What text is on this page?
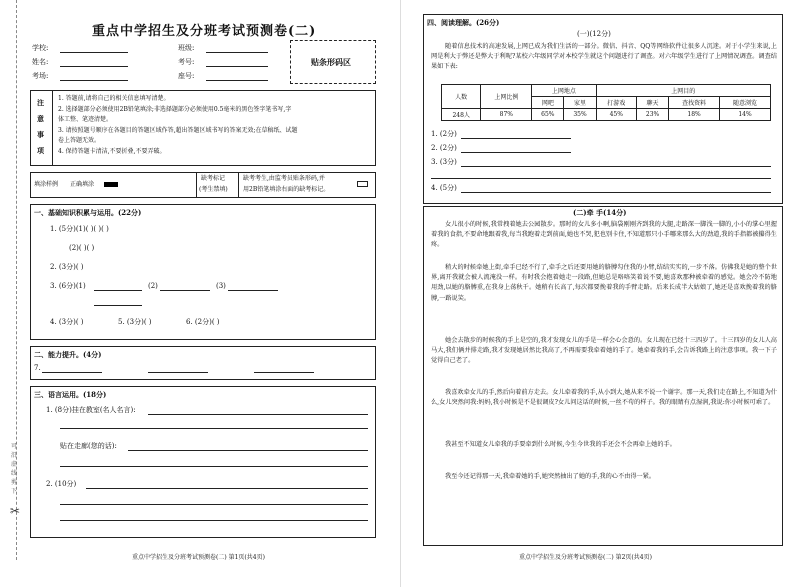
重点中学招生及分班考试预测卷(二)
学校:	班级:
姓名:	考号:
考场:	座号:
贴条形码区
注
意
事
项
1. 答题前,请将自己的相关信息填写清楚。
2. 选择题部分必须使用2B铅笔填涂;非选择题部分必须使用0.5毫米的黑色签字笔书写,字
体工整、笔迹清楚。
3. 请按照题号顺序在各题目的答题区域作答,超出答题区域书写的答案无效;在草稿纸、试题
卷上答题无效。
4. 保持答题卡清洁,不要折叠,不要弄破。
填涂样例 正确填涂
缺考标记
(考生禁填)
缺考考生,由监考员贴条形码,并
用2B铅笔填涂右面的缺考标记。
一、基础知识积累与运用。(22分)
1. (5分)(1)( )( )( )
(2)( )( )
2. (3分)( )
3. (6分)(1)	(2)	(3)
4. (3分)( )	5. (3分)( )	6. (2分)( )
二、能力提升。(4分)
7.
三、语言运用。(18分)
1. (8分)挂在教室(名人名言):
贴在走廊(您的话):
2. (10分)
可 沿 虚 线 剪 下
✂
重点中学招生及分班考试预测卷(二) 第1页(共4页)
四、阅读理解。(26分)
(一)(12分)
随着信息技术的高速发展,上网已成为我们生活的一部分。微信、抖音、QQ等网络软件让很多人沉迷。对于小学生来说,上网是利大于弊还是弊大于利呢?某校六年级同学对本校学生就这个问题进行了调查。对六年级学生进行了上网情况调查。调查结果如下表:
人数	上网比例	上网地点		上网目的			
		网吧	家里	打游戏	聊天	查找资料	随意浏览
248人	87%	65%	35%	45%	23%	18%	14%
1. (2分)
2. (2分)
3. (3分)
4. (5分)
(二)牵 手(14分)
女儿很小的时候,我常拽着她去公园散步。那时的女儿多小啊,脑袋刚刚齐到我的大腿,走路深一脚浅一脚的,小小的掌心里握着我的食指,不要命地跟着我,每当我跑着走到前面,她也不哭,犯也别卡住,不知道那只小手哪来那么大的劲道,我的手指都被攥得生疼。
稍大的时候牵她上街,牵手已经不行了,牵手之后还要用她的胳膊勾住我的小臂,结结实实的,一步不落。仿佛我是她的整个世界,离开我就会被人流淹没一样。有时我会抱着她走一段路,但她总是咯咯笑着说不要,她喜欢那种被牵着的感觉。她会冷不防地用劲,以她的胳膊重,在我身上荡秋千。她稍有长高了,每次都要挽着我的手臂走路。后来长成半大姑娘了,她还是喜欢挽着我的胳膊,一路说笑。
她会去散步的时候我的手上是空的,我才发现女儿的手是一样会心会意的。女儿现在已经十三四岁了。十三四岁的女儿人高马大,我们俩并排走路,我才发现她居然比我高了,不再需要我牵着她的手了。她牵着我的手,会告诉我路上的注意事项。我一下子觉得自己老了。
我喜欢牵女儿的手,然后向着前方走去。女儿牵着我的手,从小到大,她从来不说一个谢字。那一天,我们走在路上,不知道为什么,女儿突然问我:妈妈,我小时候是不是很调皮?女儿问这话的时候,一丝不苟的样子。我的眼睛有点湿润,我说:你小时候可乖了。
我甚至不知道女儿牵我的手要牵到什么时候,今生今世我的手还会不会再牵上她的手。
我至今还记得那一天,我牵着她的手,她突然抽出了她的手,我的心不由得一紧。
重点中学招生及分班考试预测卷(二) 第2页(共4页)
